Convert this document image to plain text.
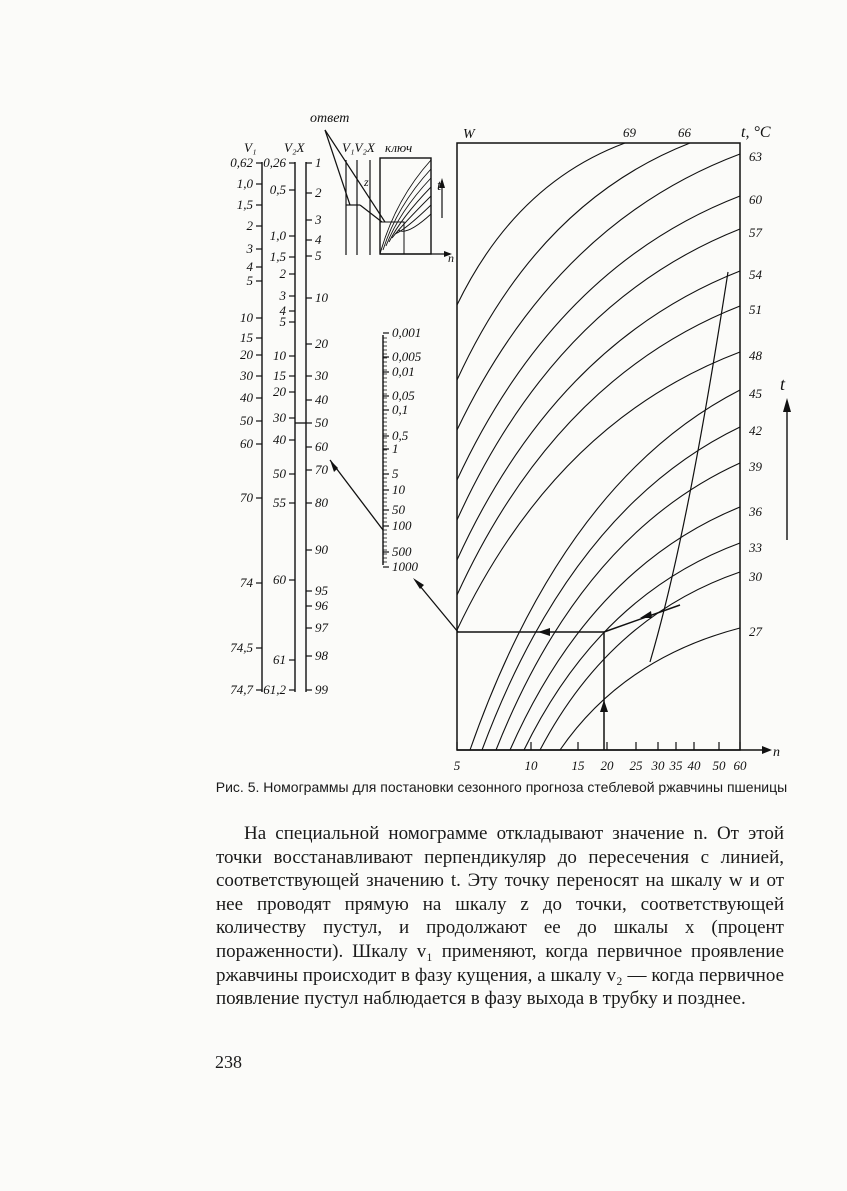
ответ
V₁ V₂X	V₁V₂X ключ
0,62
1,0
1,5
2
3
4
5
10
15
20
30
40
50
60
70
74
74,5
74,7
0,26
0,5
1,0
1,5
2
3
4
5
10
15
20
30
40
50
55
60
61
61,2
1
2
3
4
5
10
20
30
40
50
60
70
80
90
95
96
97
98
99
z	t
n
0,001
0,005
0,01
0,05
0,1
0,5
1
5
10
50
100
500
1000
5	10	15 20 25 30 35 40 50 60
W	t, °C
69	66
63
60
57
54
51
48
45
42
39
36
33
30
27
n
t
Рис. 5. Номограммы для постановки сезонного прогноза стеблевой ржавчины пшеницы

На специальной номограмме откладывают значение n. От этой точки восстанавливают перпендикуляр до пересечения с линией, соответствующей значению t. Эту точку переносят на шкалу w и от нее проводят прямую на шкалу z до точки, соответствующей количеству пустул, и продолжают ее до шкалы x (процент пораженности). Шкалу v₁ применяют, когда первичное проявление ржавчины происходит в фазу кущения, а шкалу v₂ — когда первичное появление пустул наблюдается в фазу выхода в трубку и позднее.

238
